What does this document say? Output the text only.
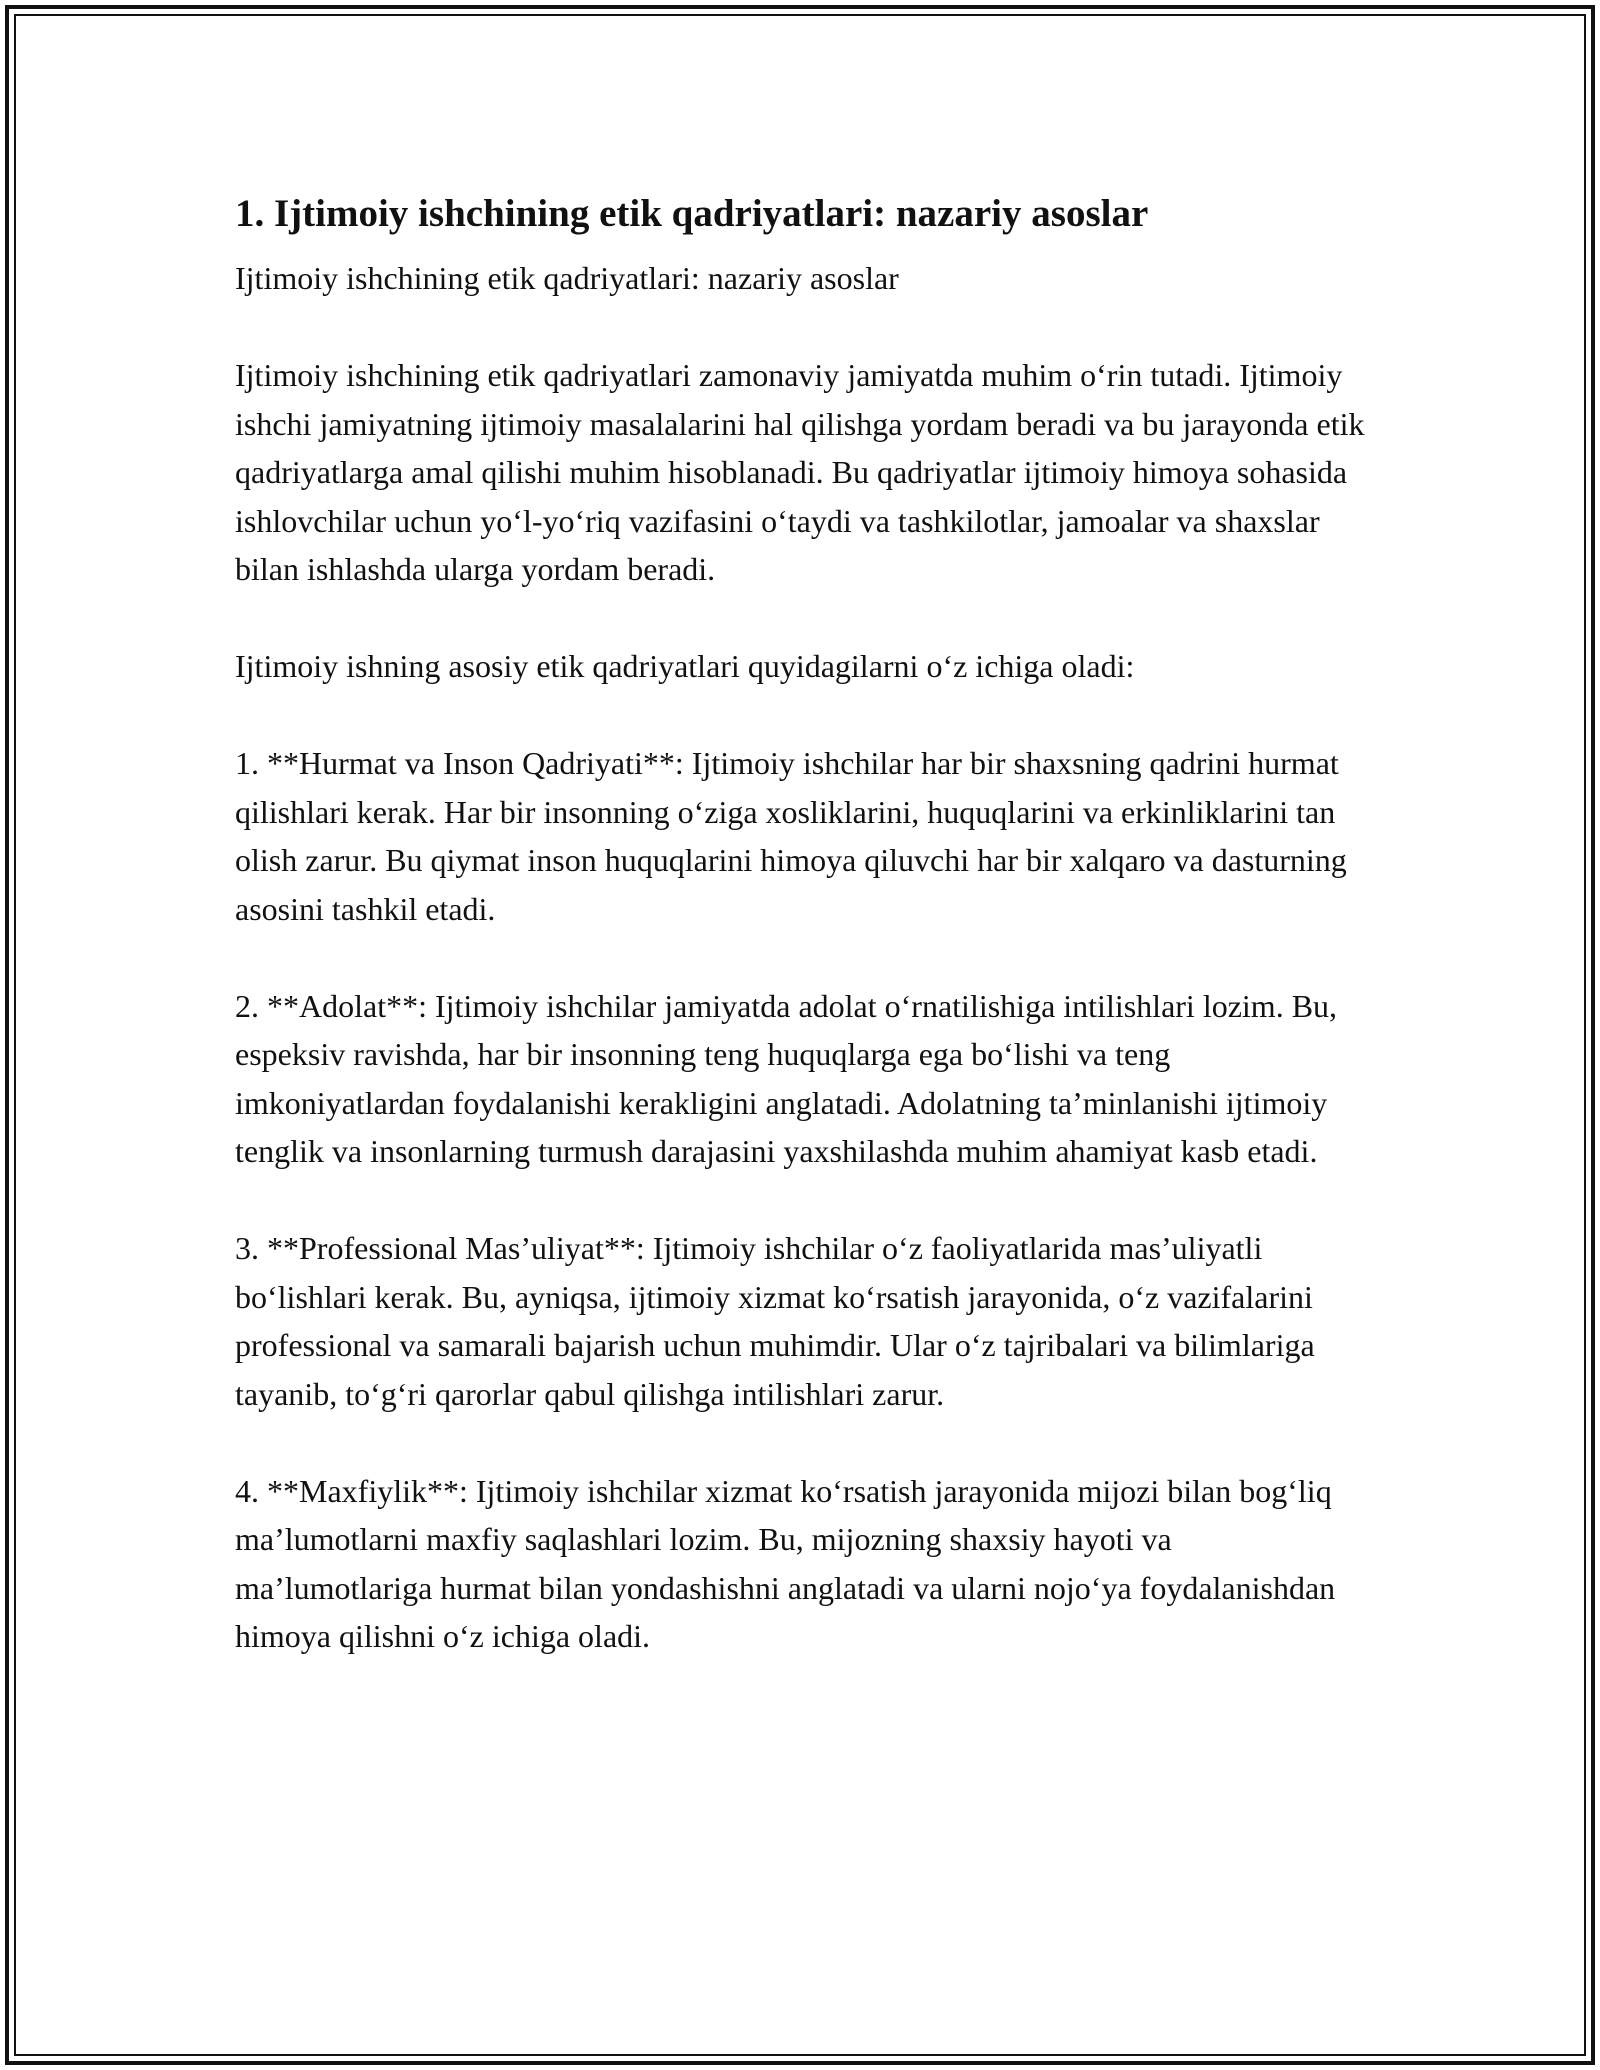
1. Ijtimoiy ishchining etik qadriyatlari: nazariy asoslar

Ijtimoiy ishchining etik qadriyatlari: nazariy asoslar

Ijtimoiy ishchining etik qadriyatlari zamonaviy jamiyatda muhim o‘rin tutadi. Ijtimoiy ishchi jamiyatning ijtimoiy masalalarini hal qilishga yordam beradi va bu jarayonda etik qadriyatlarga amal qilishi muhim hisoblanadi. Bu qadriyatlar ijtimoiy himoya sohasida ishlovchilar uchun yo‘l-yo‘riq vazifasini o‘taydi va tashkilotlar, jamoalar va shaxslar bilan ishlashda ularga yordam beradi.

Ijtimoiy ishning asosiy etik qadriyatlari quyidagilarni o‘z ichiga oladi:

1. **Hurmat va Inson Qadriyati**: Ijtimoiy ishchilar har bir shaxsning qadrini hurmat qilishlari kerak. Har bir insonning o‘ziga xosliklarini, huquqlarini va erkinliklarini tan olish zarur. Bu qiymat inson huquqlarini himoya qiluvchi har bir xalqaro va dasturning asosini tashkil etadi.

2. **Adolat**: Ijtimoiy ishchilar jamiyatda adolat o‘rnatilishiga intilishlari lozim. Bu, espeksiv ravishda, har bir insonning teng huquqlarga ega bo‘lishi va teng imkoniyatlardan foydalanishi kerakligini anglatadi. Adolatning ta’minlanishi ijtimoiy tenglik va insonlarning turmush darajasini yaxshilashda muhim ahamiyat kasb etadi.

3. **Professional Mas’uliyat**: Ijtimoiy ishchilar o‘z faoliyatlarida mas’uliyatli bo‘lishlari kerak. Bu, ayniqsa, ijtimoiy xizmat ko‘rsatish jarayonida, o‘z vazifalarini professional va samarali bajarish uchun muhimdir. Ular o‘z tajribalari va bilimlariga tayanib, to‘g‘ri qarorlar qabul qilishga intilishlari zarur.

4. **Maxfiylik**: Ijtimoiy ishchilar xizmat ko‘rsatish jarayonida mijozi bilan bog‘liq ma’lumotlarni maxfiy saqlashlari lozim. Bu, mijozning shaxsiy hayoti va ma’lumotlariga hurmat bilan yondashishni anglatadi va ularni nojo‘ya foydalanishdan himoya qilishni o‘z ichiga oladi.
